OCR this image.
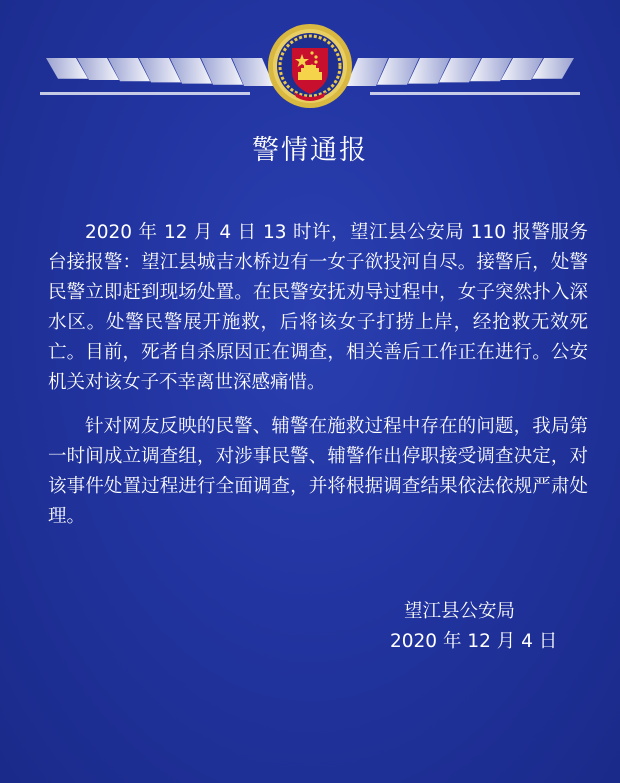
警情通报

2020 年 12 月 4 日 13 时许，望江县公安局 110 报警服务台接报警：望江县城吉水桥边有一女子欲投河自尽。接警后，处警民警立即赶到现场处置。在民警安抚劝导过程中，女子突然扑入深水区。处警民警展开施救，后将该女子打捞上岸，经抢救无效死亡。目前，死者自杀原因正在调查，相关善后工作正在进行。公安机关对该女子不幸离世深感痛惜。

针对网友反映的民警、辅警在施救过程中存在的问题，我局第一时间成立调查组，对涉事民警、辅警作出停职接受调查决定，对该事件处置过程进行全面调查，并将根据调查结果依法依规严肃处理。

望江县公安局
2020 年 12 月 4 日
